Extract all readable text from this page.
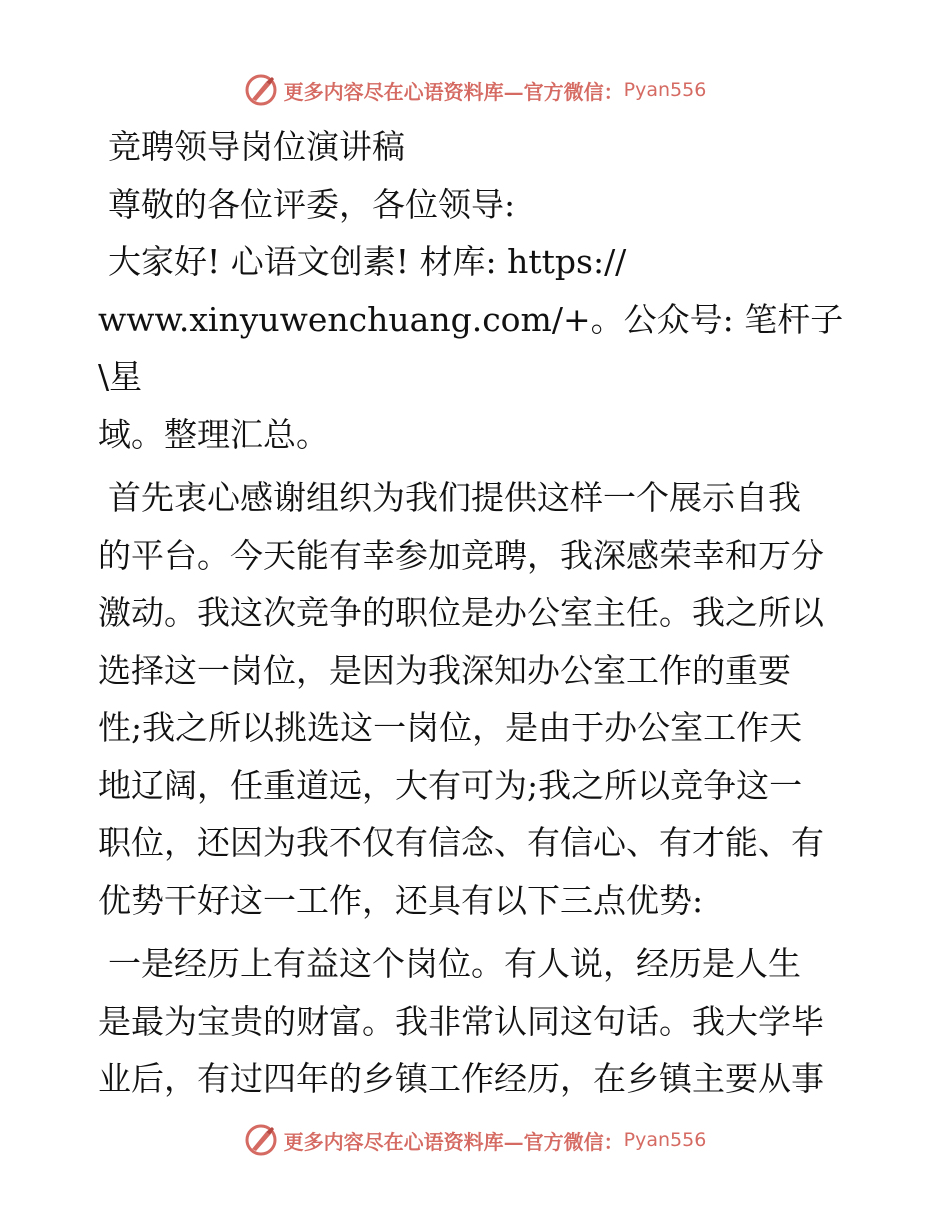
更多内容尽在心语资料库—官方微信： Pyan556

竞聘领导岗位演讲稿

尊敬的各位评委，各位领导:

大家好! 心语文创素! 材库: https://

www.xinyuwenchuang.com/+。公众号: 笔杆子\星

域。整理汇总。

首先衷心感谢组织为我们提供这样一个展示自我

的平台。今天能有幸参加竞聘，我深感荣幸和万分

激动。我这次竞争的职位是办公室主任。我之所以

选择这一岗位，是因为我深知办公室工作的重要

性;我之所以挑选这一岗位，是由于办公室工作天

地辽阔，任重道远，大有可为;我之所以竞争这一

职位，还因为我不仅有信念、有信心、有才能、有

优势干好这一工作，还具有以下三点优势:

一是经历上有益这个岗位。有人说，经历是人生

是最为宝贵的财富。我非常认同这句话。我大学毕

业后，有过四年的乡镇工作经历，在乡镇主要从事

更多内容尽在心语资料库—官方微信： Pyan556
